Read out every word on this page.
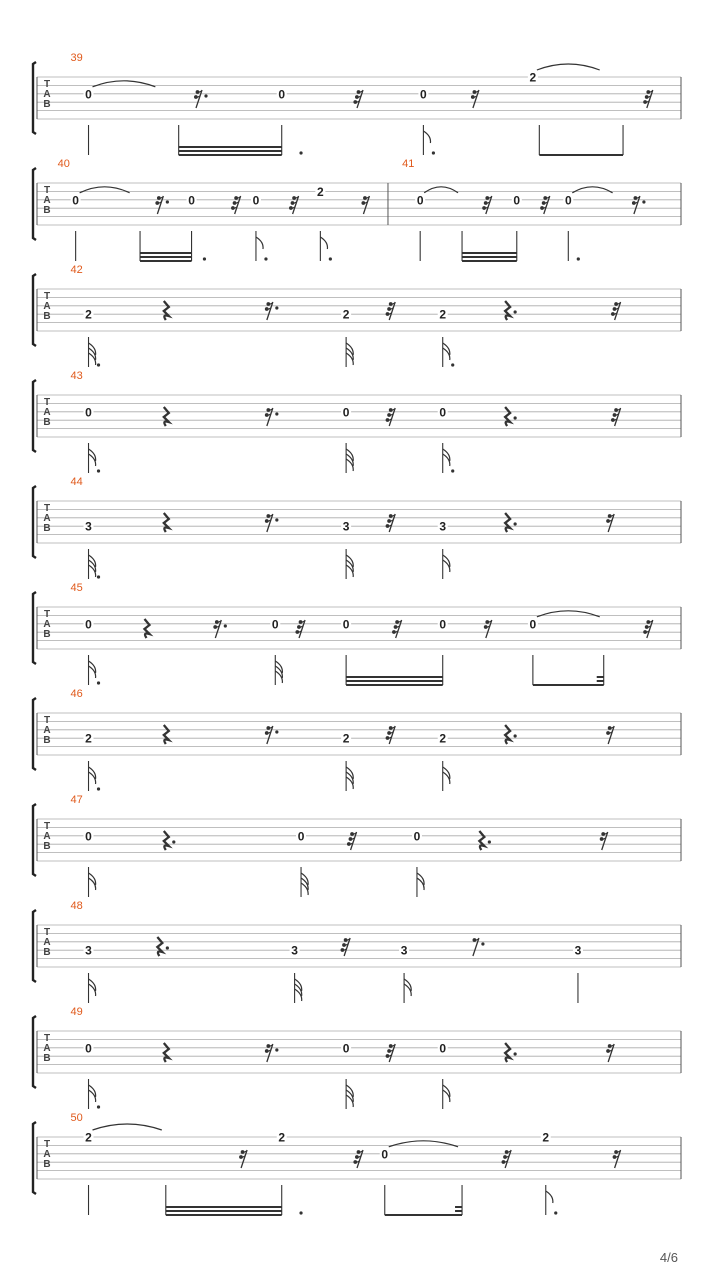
T
A
B
39
0	0	0
2
T
A
B
40
0	0	0
2
41
0	0	0
T
A
B
42
2	2	2
T
A
B
43
0	0	0
T
A
B
44
3	3	3
T
A
B
45
0	0	0	0	0
T
A
B
46
2	2	2
T
A
B
47
0	0	0
T
A
B
48
3	3	3	3
T
A
B
49
0	0	0
T
A
B
50
2	2
0
2
4/6
